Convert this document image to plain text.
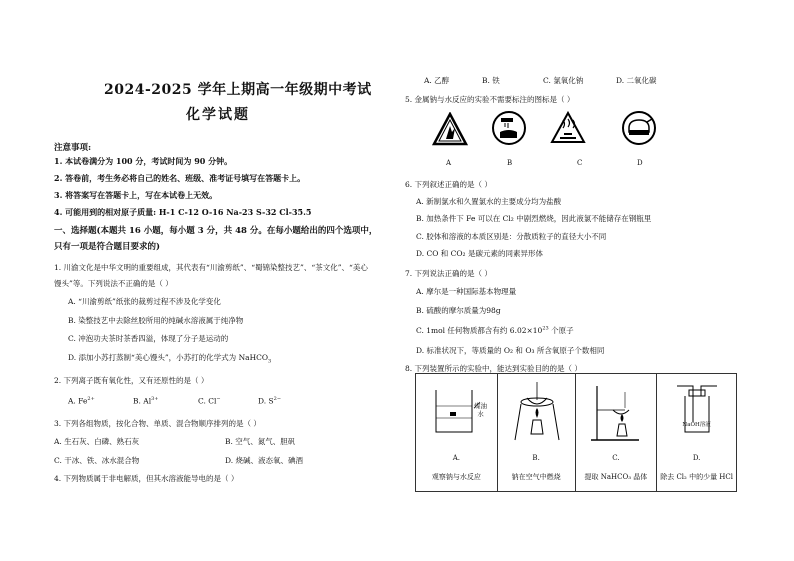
2024-2025 学年上期高一年级期中考试
化学试题
注意事项:
1. 本试卷满分为 100 分，考试时间为 90 分钟。
2. 答卷前，考生务必将自己的姓名、班级、准考证号填写在答题卡上。
3. 将答案写在答题卡上，写在本试卷上无效。
4. 可能用到的相对原子质量: H-1 C-12 O-16 Na-23 S-32 Cl-35.5
一、选择题(本题共 16 小题，每小题 3 分，共 48 分。在每小题给出的四个选项中，
只有一项是符合题目要求的)
1. 川渝文化是中华文明的重要组成，其代表有“川渝剪纸”、“蜀锦染整技艺”、“茶文化”、“美心
馒头”等。下列说法不正确的是（ ）
A. “川渝剪纸”纸张的裁剪过程不涉及化学变化
B. 染整技艺中去除丝胶所用的纯碱水溶液属于纯净物
C. 冲泡功夫茶时茶香四溢，体现了分子是运动的
D. 添加小苏打蒸制“美心馒头”，小苏打的化学式为 NaHCO$_3$
2. 下列离子既有氧化性，又有还原性的是（ ）
A. $Fe^{2+}$	B. $Al^{3+}$	C. Cl−	D. $S^{2-}$
3. 下列各组物质，按化合物、单质、混合物顺序排列的是（ ）
A. 生石灰、白磷、熟石灰	B. 空气、氮气、胆矾
C. 干冰、铁、冰水混合物	D. 烧碱、液态氧、碘酒
4. 下列物质属于非电解质，但其水溶液能导电的是（ ）
A. 乙醇	B. 铁	C. 氯氧化钠	D. 二氧化碳
5. 金属钠与水反应的实验不需要标注的图标是（ ）
A	B	C	D
6. 下列叙述正确的是（ ）
A. 新制氯水和久置氯水的主要成分均为盐酸
B. 加热条件下 Fe 可以在 Cl₂ 中剧烈燃烧，因此液氯不能储存在钢瓶里
C. 胶体和溶液的本质区别是：分散质粒子的直径大小不同
D. CO 和 CO₂ 是碳元素的同素异形体
7. 下列说法正确的是（ ）
A. 摩尔是一种国际基本物理量
B. 硫酸的摩尔质量为98g
C. 1mol 任何物质都含有约 $6.02\times 10^{23}$ 个原子
D. 标准状况下，等质量的 O₂ 和 O₃ 所含氧原子个数相同
8. 下列装置所示的实验中，能达到实验目的的是（ ）
煤油
水
A.
观察钠与水反应

B.
钠在空气中燃烧

C.
提取 NaHCO₃ 晶体

NaOH溶液
D.
除去 Cl₂ 中的少量 HCl
